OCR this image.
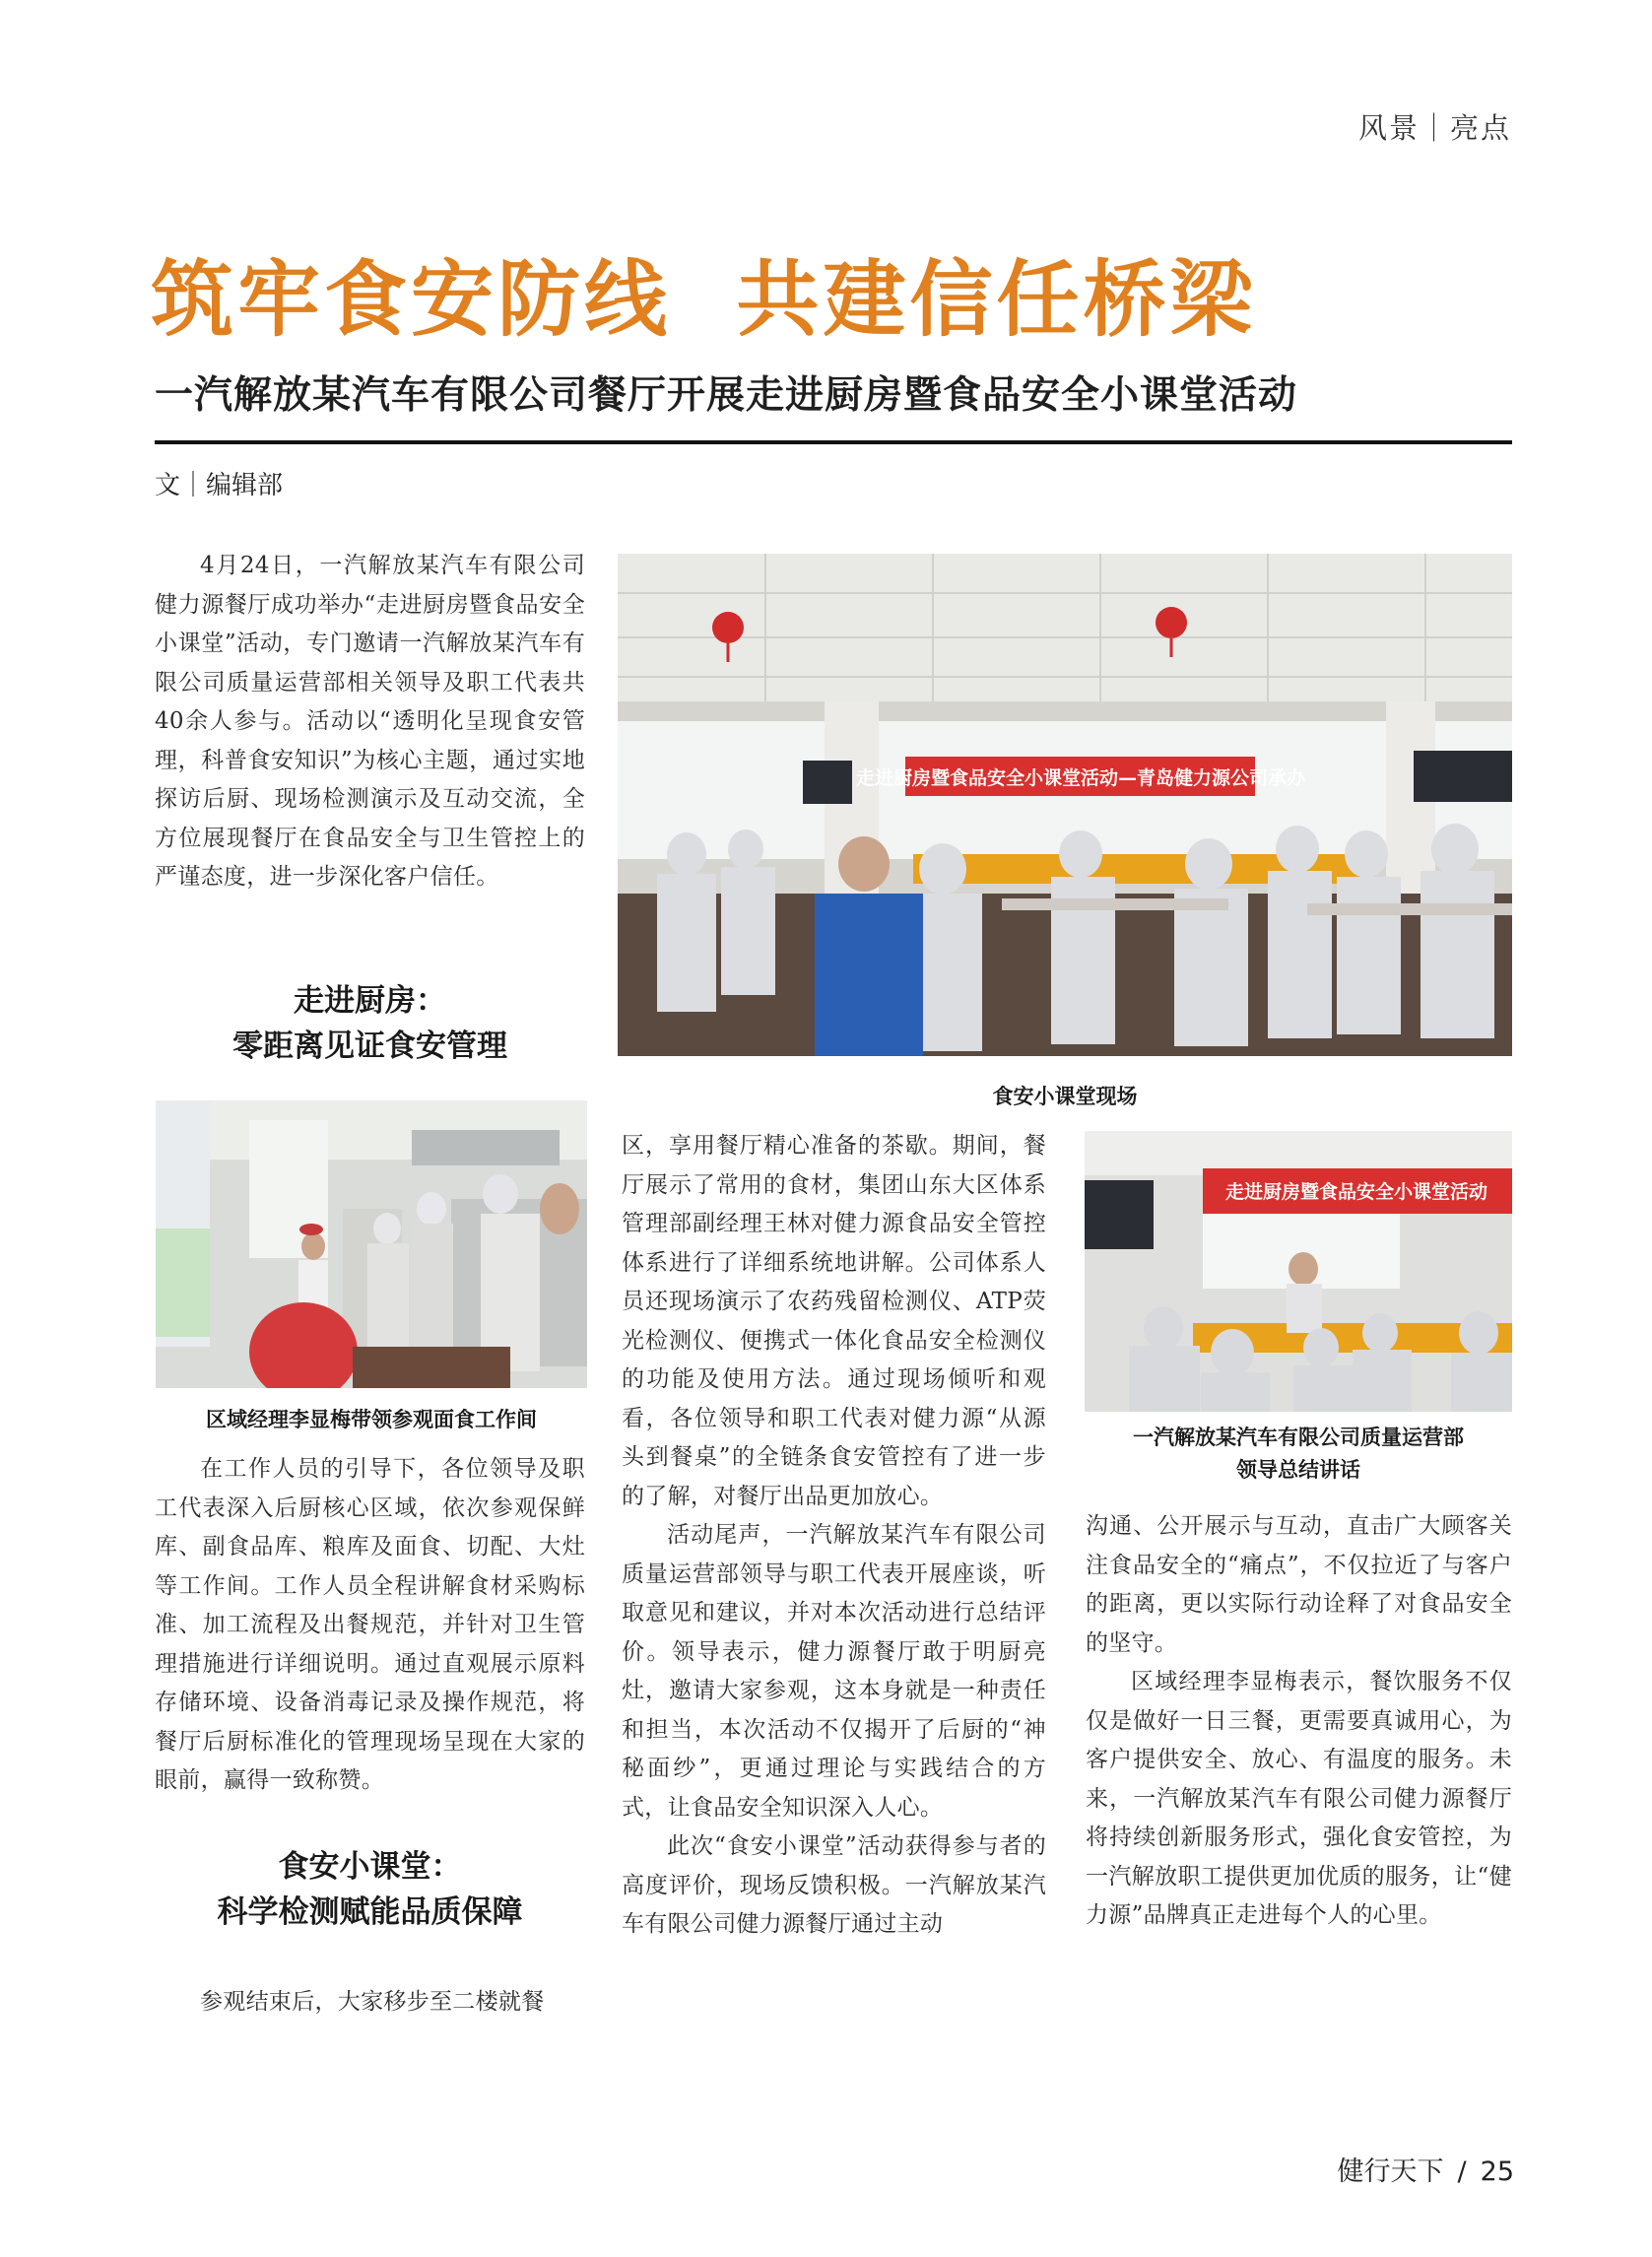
风景｜亮点
筑牢食安防线  共建信任桥梁
一汽解放某汽车有限公司餐厅开展走进厨房暨食品安全小课堂活动
文｜编辑部

4月24日，一汽解放某汽车有限公司健力源餐厅成功举办“走进厨房暨食品安全小课堂”活动，专门邀请一汽解放某汽车有限公司质量运营部相关领导及职工代表共40余人参与。活动以“透明化呈现食安管理，科普食安知识”为核心主题，通过实地探访后厨、现场检测演示及互动交流，全方位展现餐厅在食品安全与卫生管控上的严谨态度，进一步深化客户信任。

走进厨房：
零距离见证食安管理
区域经理李显梅带领参观面食工作间

在工作人员的引导下，各位领导及职工代表深入后厨核心区域，依次参观保鲜库、副食品库、粮库及面食、切配、大灶等工作间。工作人员全程讲解食材采购标准、加工流程及出餐规范，并针对卫生管理措施进行详细说明。通过直观展示原料存储环境、设备消毒记录及操作规范，将餐厅后厨标准化的管理现场呈现在大家的眼前，赢得一致称赞。

食安小课堂：
科学检测赋能品质保障

参观结束后，大家移步至二楼就餐

走进厨房暨食品安全小课堂活动—青岛健力源公司承办
食安小课堂现场

区，享用餐厅精心准备的茶歇。期间，餐厅展示了常用的食材，集团山东大区体系管理部副经理王林对健力源食品安全管控体系进行了详细系统地讲解。公司体系人员还现场演示了农药残留检测仪、ATP荧光检测仪、便携式一体化食品安全检测仪的功能及使用方法。通过现场倾听和观看，各位领导和职工代表对健力源“从源头到餐桌”的全链条食安管控有了进一步的了解，对餐厅出品更加放心。

活动尾声，一汽解放某汽车有限公司质量运营部领导与职工代表开展座谈，听取意见和建议，并对本次活动进行总结评价。领导表示，健力源餐厅敢于明厨亮灶，邀请大家参观，这本身就是一种责任和担当，本次活动不仅揭开了后厨的“神秘面纱”，更通过理论与实践结合的方式，让食品安全知识深入人心。

此次“食安小课堂”活动获得参与者的高度评价，现场反馈积极。一汽解放某汽车有限公司健力源餐厅通过主动

走进厨房暨食品安全小课堂活动
一汽解放某汽车有限公司质量运营部
领导总结讲话

沟通、公开展示与互动，直击广大顾客关注食品安全的“痛点”，不仅拉近了与客户的距离，更以实际行动诠释了对食品安全的坚守。

区域经理李显梅表示，餐饮服务不仅仅是做好一日三餐，更需要真诚用心，为客户提供安全、放心、有温度的服务。未来，一汽解放某汽车有限公司健力源餐厅将持续创新服务形式，强化食安管控，为一汽解放职工提供更加优质的服务，让“健力源”品牌真正走进每个人的心里。

健行天下 / 25
